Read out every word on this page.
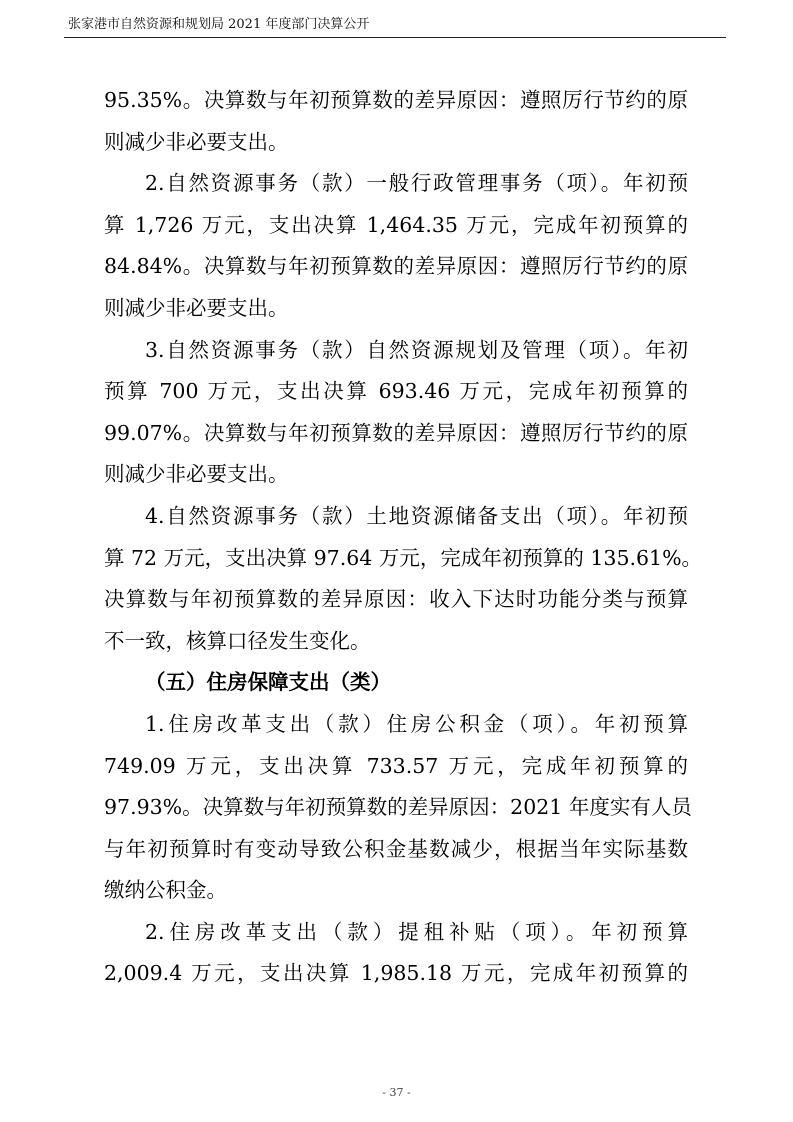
张家港市自然资源和规划局 2021 年度部门决算公开
95.35%。决算数与年初预算数的差异原因：遵照厉行节约的原
则减少非必要支出。
2.自然资源事务（款）一般行政管理事务（项）。年初预
算 1,726 万元，支出决算 1,464.35 万元，完成年初预算的
84.84%。决算数与年初预算数的差异原因：遵照厉行节约的原
则减少非必要支出。
3.自然资源事务（款）自然资源规划及管理（项）。年初
预算 700 万元，支出决算 693.46 万元，完成年初预算的
99.07%。决算数与年初预算数的差异原因：遵照厉行节约的原
则减少非必要支出。
4.自然资源事务（款）土地资源储备支出（项）。年初预
算 72 万元，支出决算 97.64 万元，完成年初预算的 135.61%。
决算数与年初预算数的差异原因：收入下达时功能分类与预算
不一致，核算口径发生变化。
（五）住房保障支出（类）
1.住房改革支出（款）住房公积金（项）。年初预算
749.09 万元，支出决算 733.57 万元，完成年初预算的
97.93%。决算数与年初预算数的差异原因：2021 年度实有人员
与年初预算时有变动导致公积金基数减少，根据当年实际基数
缴纳公积金。
2.住房改革支出（款）提租补贴（项）。年初预算
2,009.4 万元，支出决算 1,985.18 万元，完成年初预算的
- 37 -
